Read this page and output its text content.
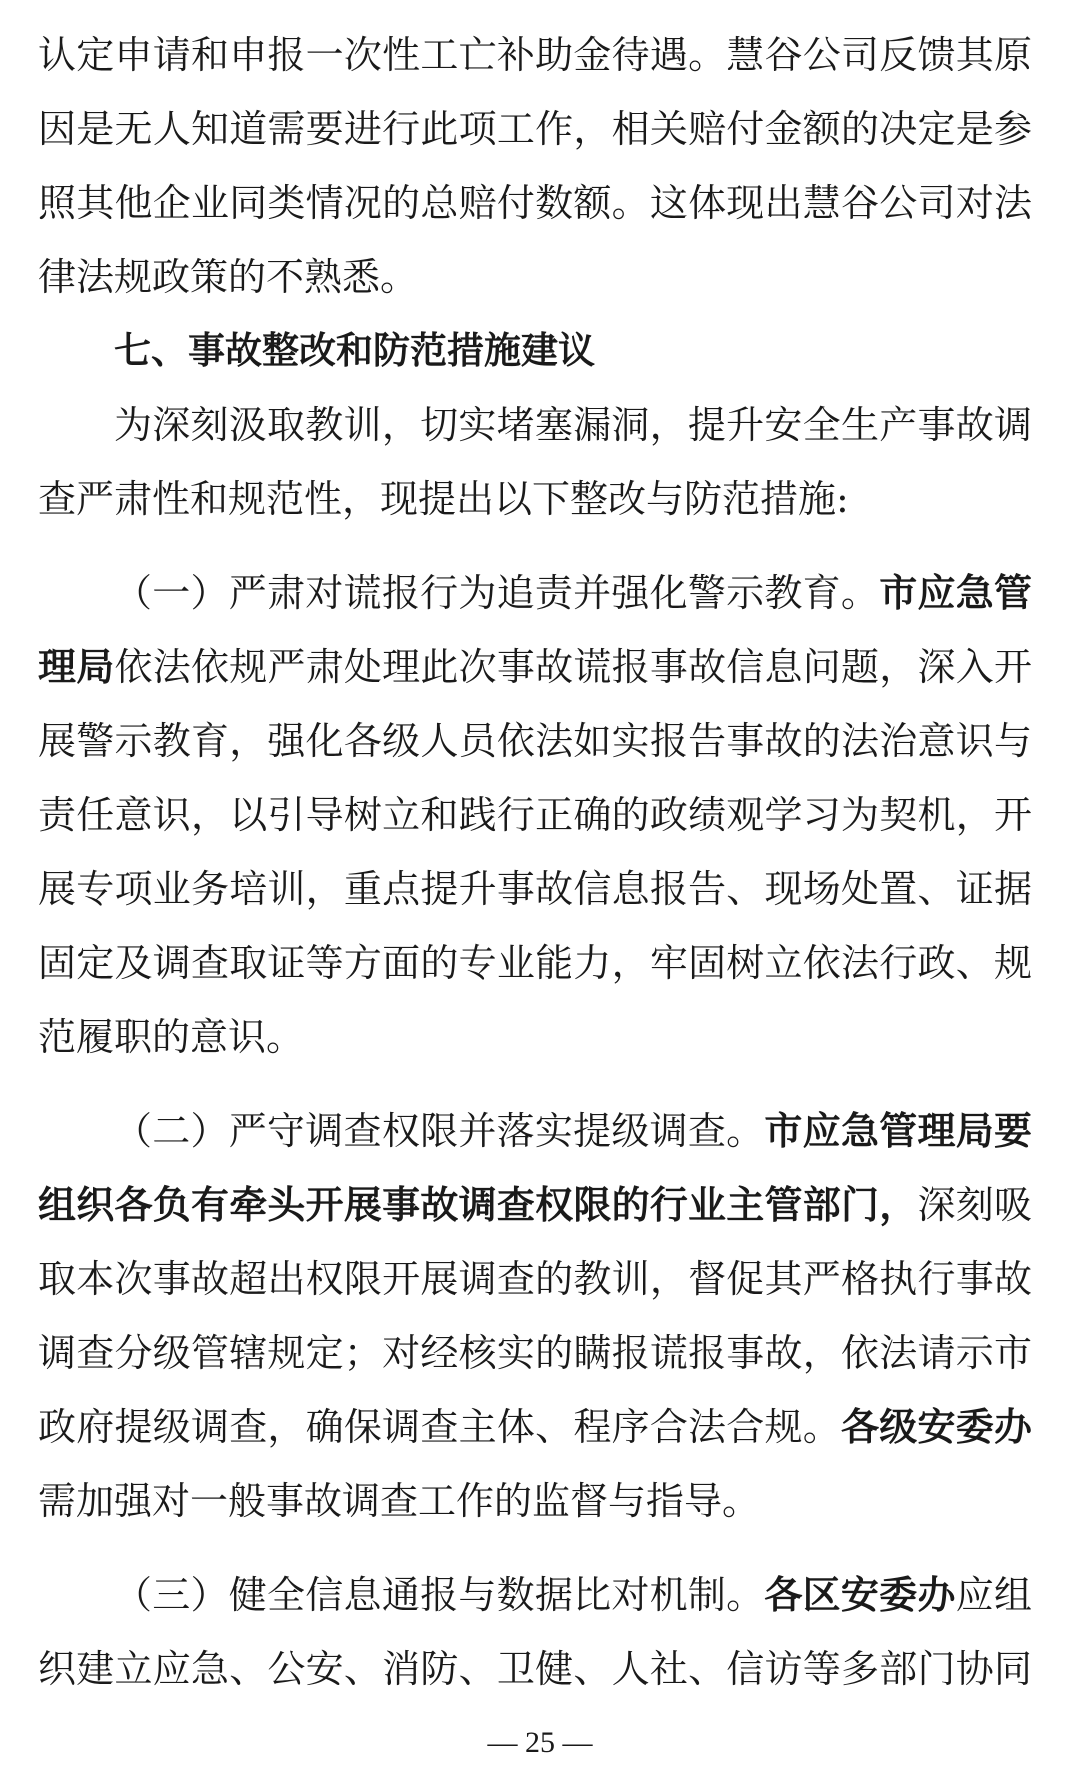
认定申请和申报一次性工亡补助金待遇。慧谷公司反馈其原
因是无人知道需要进行此项工作，相关赔付金额的决定是参
照其他企业同类情况的总赔付数额。这体现出慧谷公司对法
律法规政策的不熟悉。
七、事故整改和防范措施建议
为深刻汲取教训，切实堵塞漏洞，提升安全生产事故调
查严肃性和规范性，现提出以下整改与防范措施:
（一）严肃对谎报行为追责并强化警示教育。市应急管
理局依法依规严肃处理此次事故谎报事故信息问题，深入开
展警示教育，强化各级人员依法如实报告事故的法治意识与
责任意识，以引导树立和践行正确的政绩观学习为契机，开
展专项业务培训，重点提升事故信息报告、现场处置、证据
固定及调查取证等方面的专业能力，牢固树立依法行政、规
范履职的意识。
（二）严守调查权限并落实提级调查。市应急管理局要
组织各负有牵头开展事故调查权限的行业主管部门，深刻吸
取本次事故超出权限开展调查的教训，督促其严格执行事故
调查分级管辖规定；对经核实的瞒报谎报事故，依法请示市
政府提级调查，确保调查主体、程序合法合规。各级安委办
需加强对一般事故调查工作的监督与指导。
（三）健全信息通报与数据比对机制。各区安委办应组
织建立应急、公安、消防、卫健、人社、信访等多部门协同
— 25 —
